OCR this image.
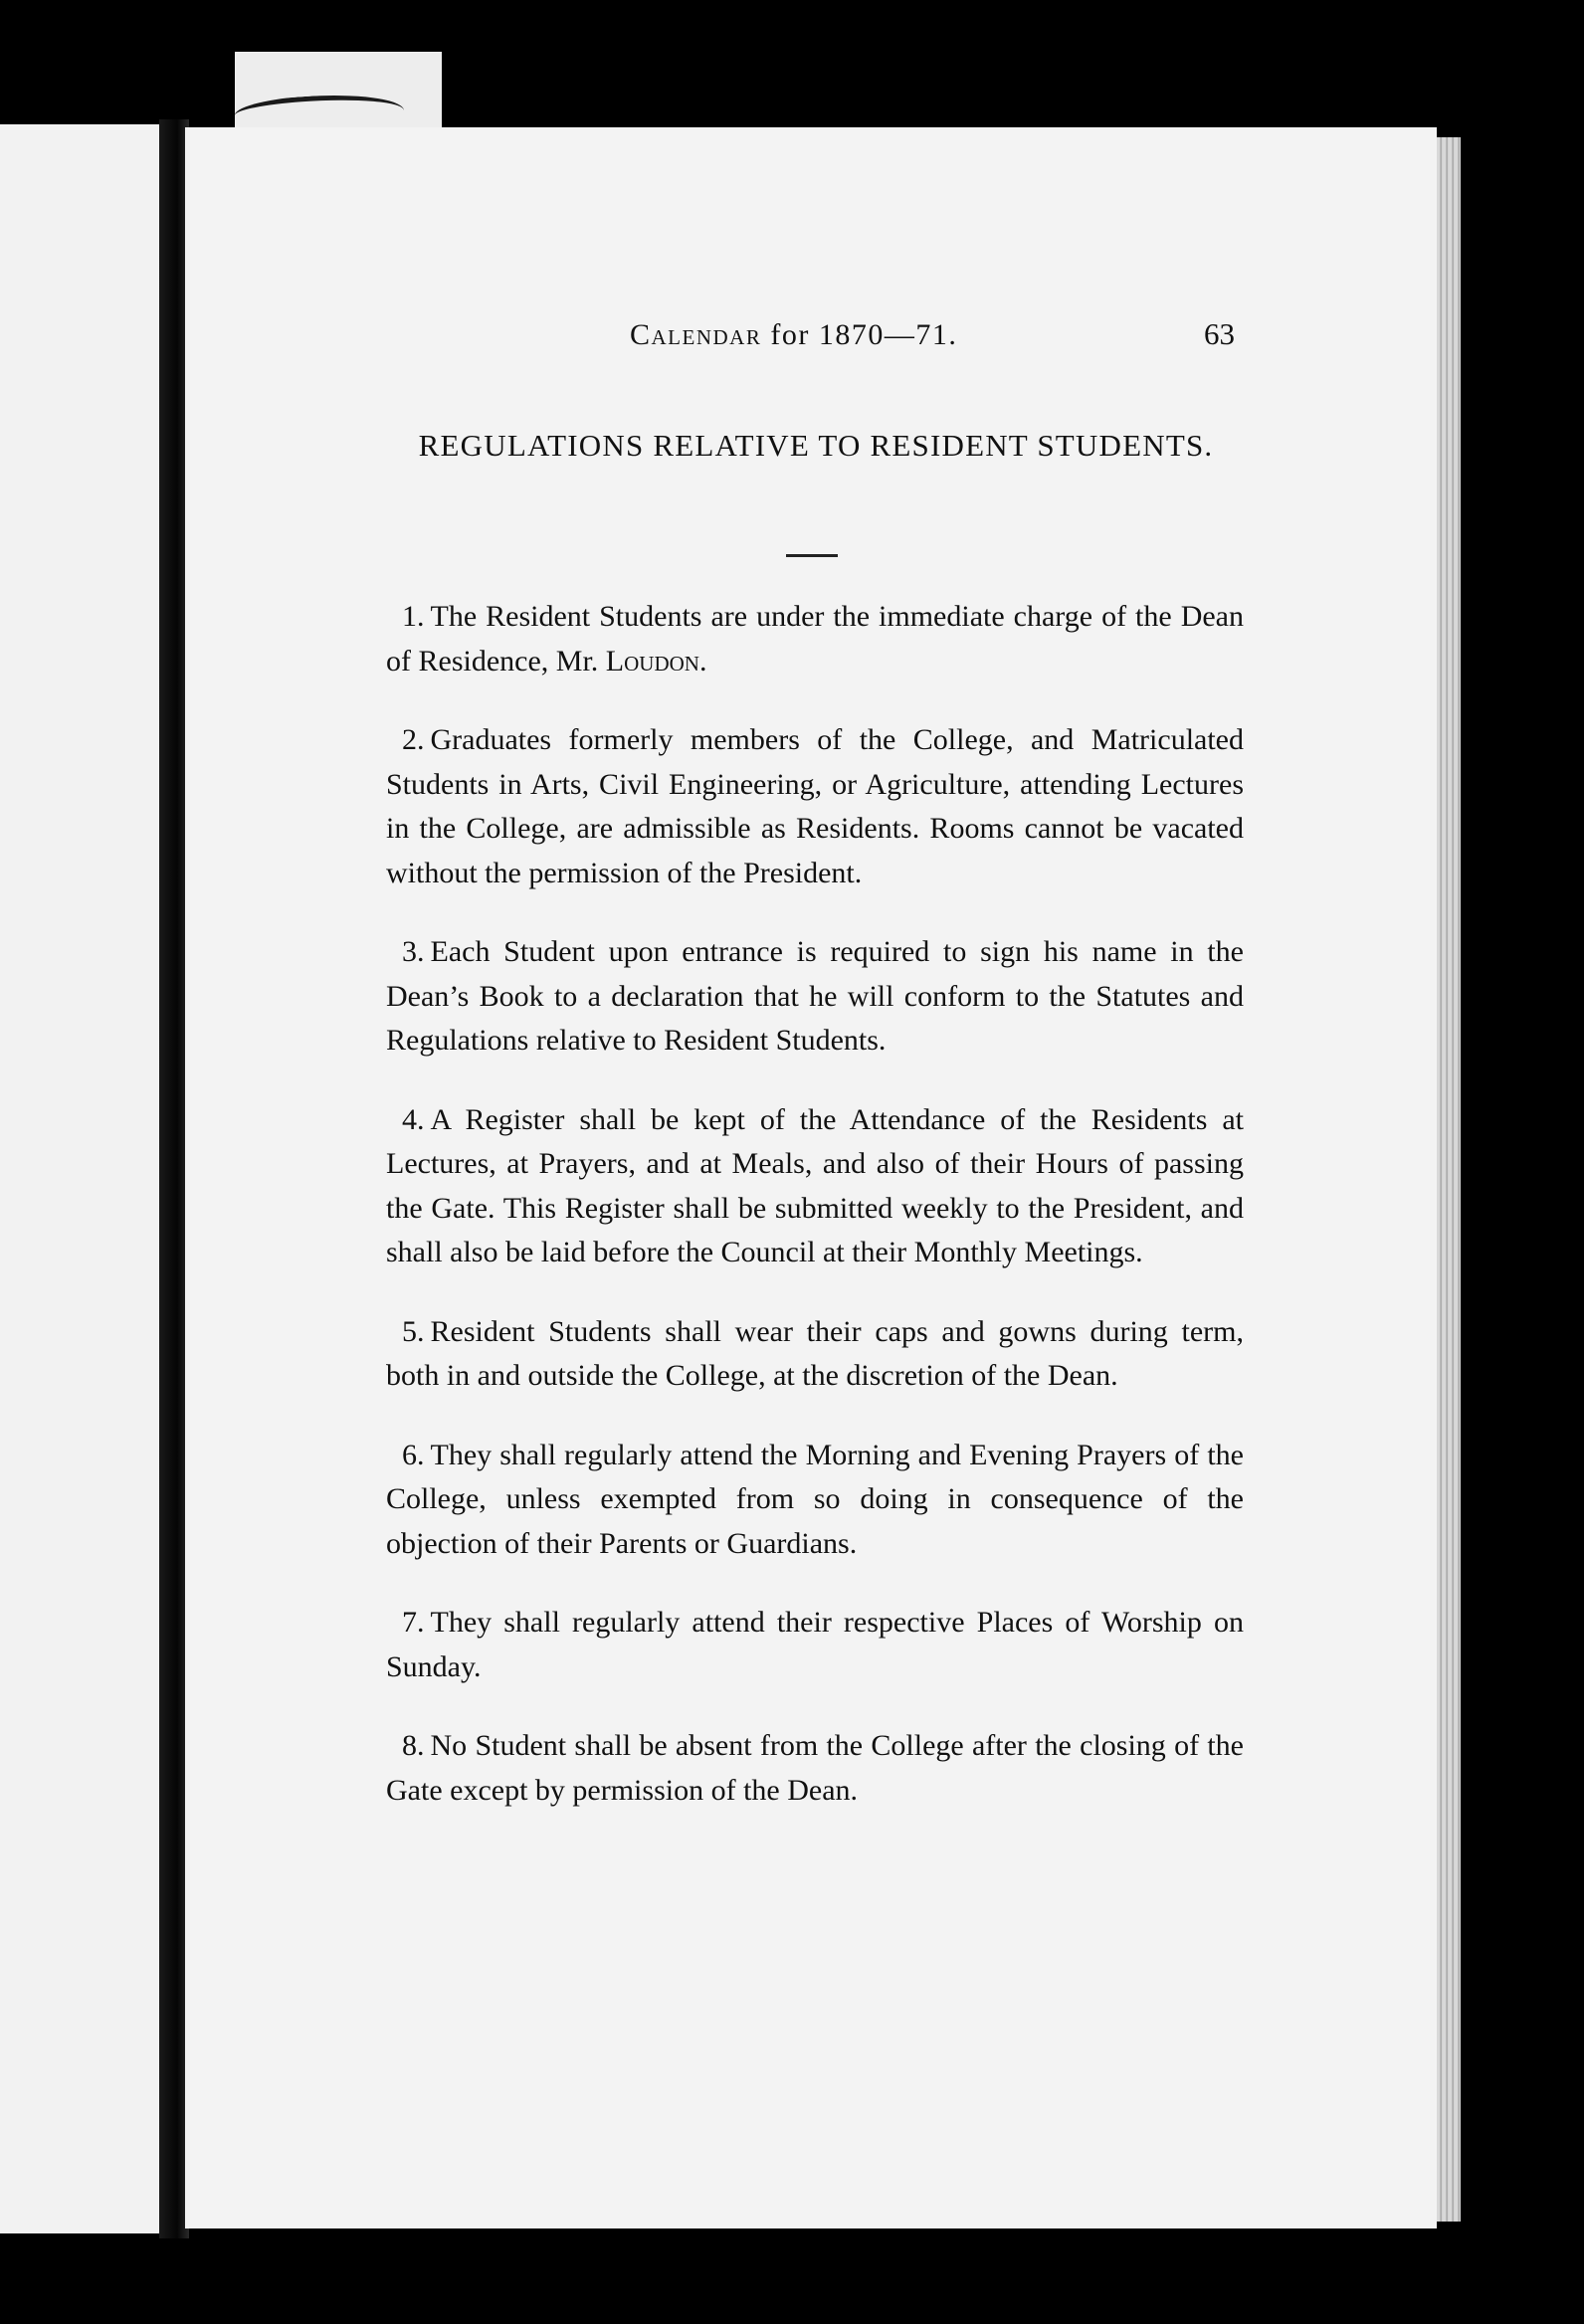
Calendar for 1870—71.	63
REGULATIONS RELATIVE TO RESIDENT STUDENTS.

1. The Resident Students are under the immediate charge of the Dean of Residence, Mr. Loudon.

2. Graduates formerly members of the College, and Matriculated Students in Arts, Civil Engineering, or Agriculture, attending Lectures in the College, are admissible as Residents. Rooms cannot be vacated without the permission of the President.

3. Each Student upon entrance is required to sign his name in the Dean’s Book to a declaration that he will conform to the Statutes and Regulations relative to Resident Students.

4. A Register shall be kept of the Attendance of the Residents at Lectures, at Prayers, and at Meals, and also of their Hours of passing the Gate. This Register shall be submitted weekly to the President, and shall also be laid before the Council at their Monthly Meetings.

5. Resident Students shall wear their caps and gowns during term, both in and outside the College, at the discretion of the Dean.

6. They shall regularly attend the Morning and Evening Prayers of the College, unless exempted from so doing in consequence of the objection of their Parents or Guardians.

7. They shall regularly attend their respective Places of Worship on Sunday.

8. No Student shall be absent from the College after the closing of the Gate except by permission of the Dean.
